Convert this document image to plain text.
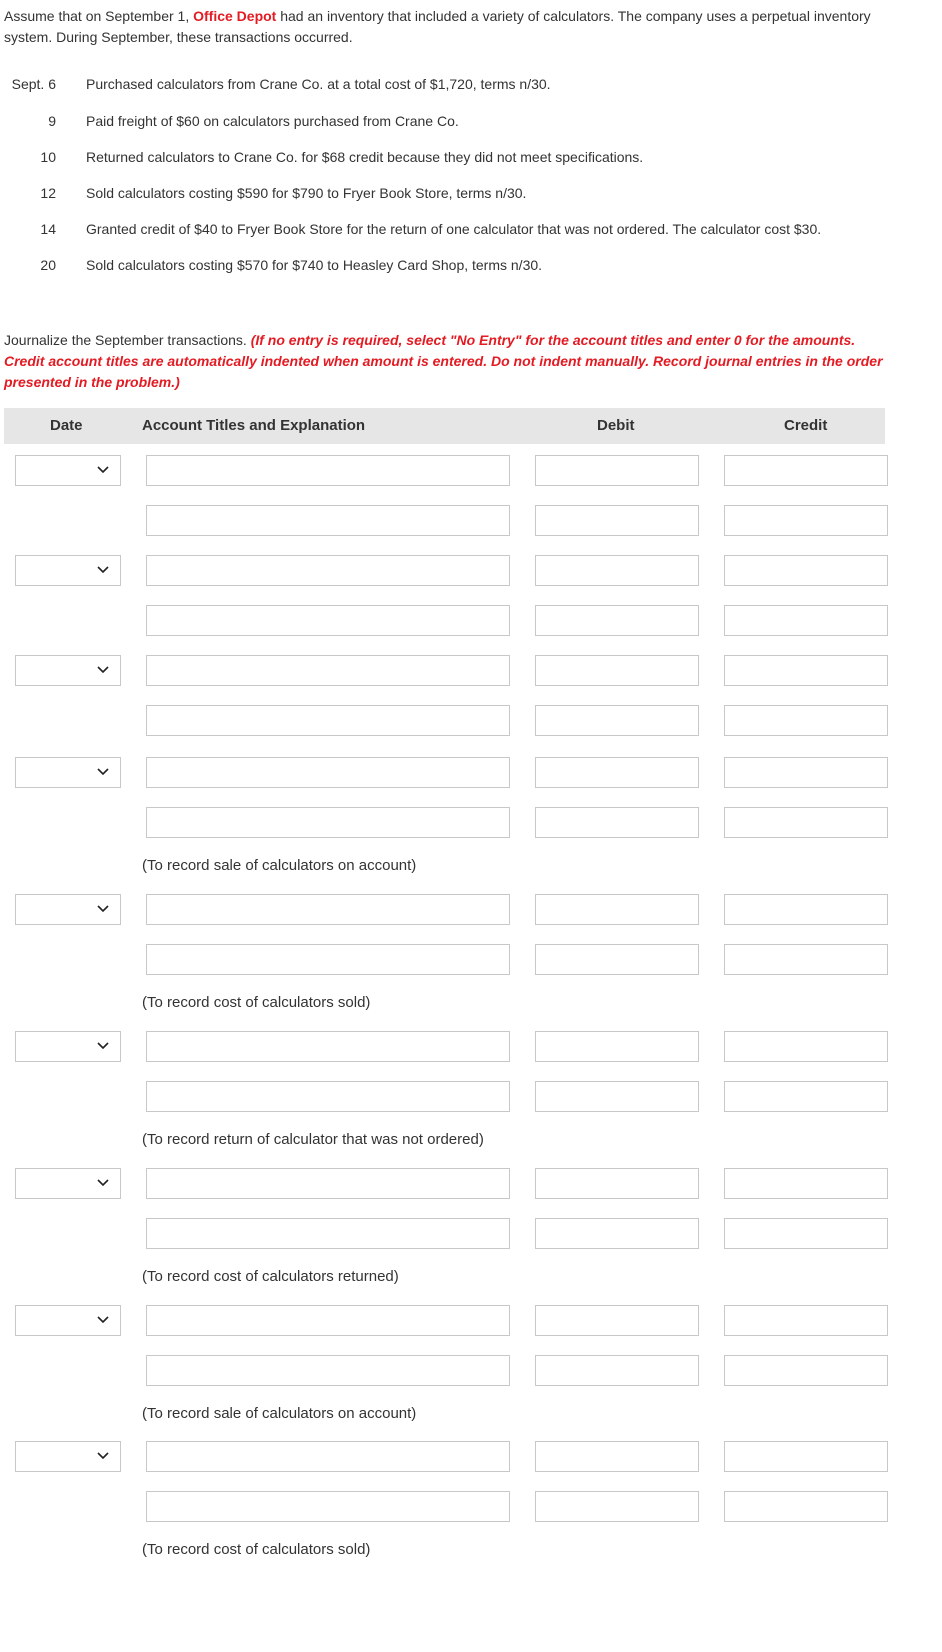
Assume that on September 1, Office Depot had an inventory that included a variety of calculators. The company uses a perpetual inventory system. During September, these transactions occurred.
Sept. 6 Purchased calculators from Crane Co. at a total cost of $1,720, terms n/30.
9 Paid freight of $60 on calculators purchased from Crane Co.
10 Returned calculators to Crane Co. for $68 credit because they did not meet specifications.
12 Sold calculators costing $590 for $790 to Fryer Book Store, terms n/30.
14 Granted credit of $40 to Fryer Book Store for the return of one calculator that was not ordered. The calculator cost $30.
20 Sold calculators costing $570 for $740 to Heasley Card Shop, terms n/30.
Journalize the September transactions. (If no entry is required, select "No Entry" for the account titles and enter 0 for the amounts. Credit account titles are automatically indented when amount is entered. Do not indent manually. Record journal entries in the order presented in the problem.)
Date	Account Titles and Explanation	Debit	Credit
(To record sale of calculators on account)
(To record cost of calculators sold)
(To record return of calculator that was not ordered)
(To record cost of calculators returned)
(To record sale of calculators on account)
(To record cost of calculators sold)
